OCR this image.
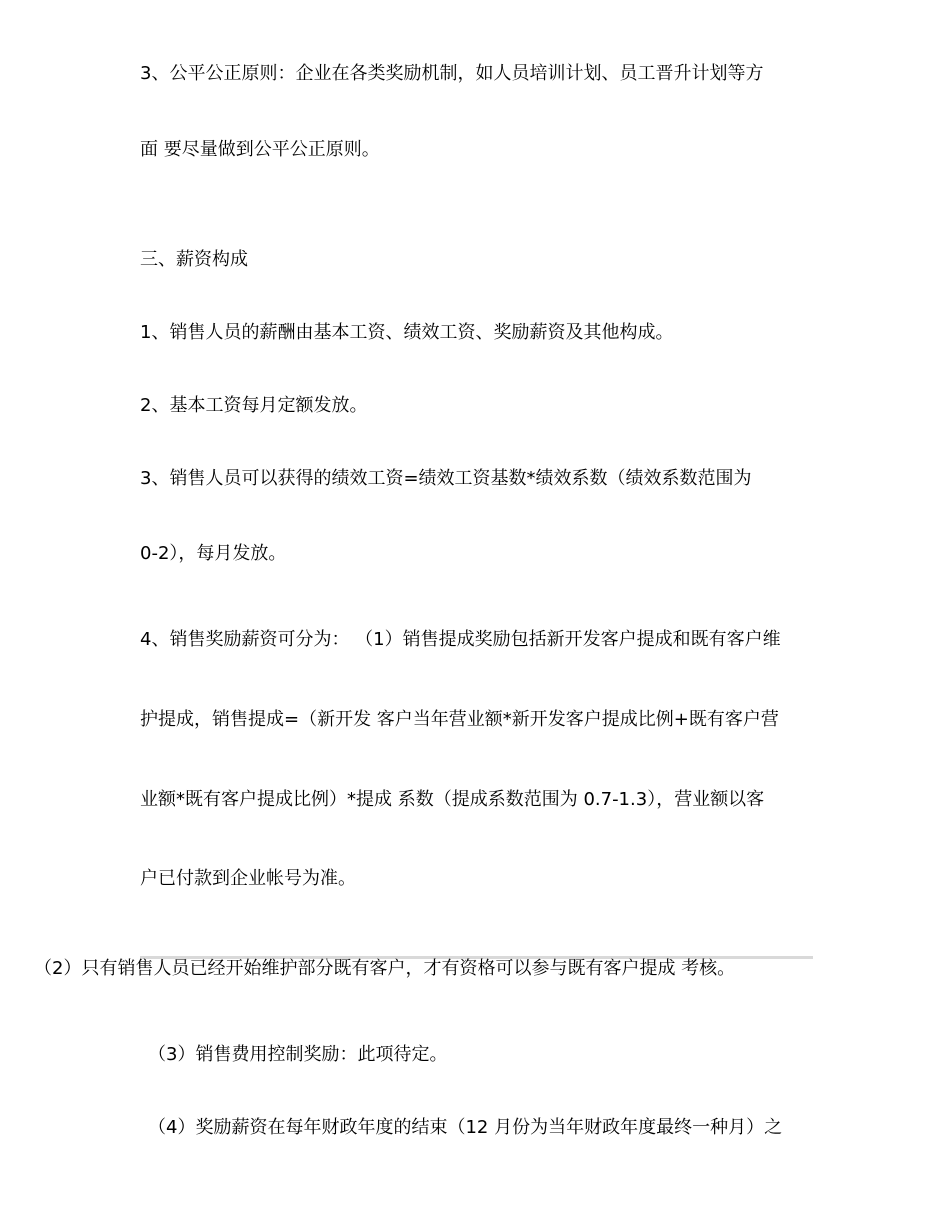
3、公平公正原则：企业在各类奖励机制，如人员培训计划、员工晋升计划等方
面 要尽量做到公平公正原则。
三、薪资构成
1、销售人员的薪酬由基本工资、绩效工资、奖励薪资及其他构成。
2、基本工资每月定额发放。
3、销售人员可以获得的绩效工资=绩效工资基数*绩效系数（绩效系数范围为
0-2），每月发放。
4、销售奖励薪资可分为： （1）销售提成奖励包括新开发客户提成和既有客户维
护提成，销售提成=（新开发 客户当年营业额*新开发客户提成比例+既有客户营
业额*既有客户提成比例）*提成 系数（提成系数范围为 0.7-1.3），营业额以客
户已付款到企业帐号为准。
（2）只有销售人员已经开始维护部分既有客户，才有资格可以参与既有客户提成 考核。
（3）销售费用控制奖励：此项待定。
（4）奖励薪资在每年财政年度的结束（12 月份为当年财政年度最终一种月）之
